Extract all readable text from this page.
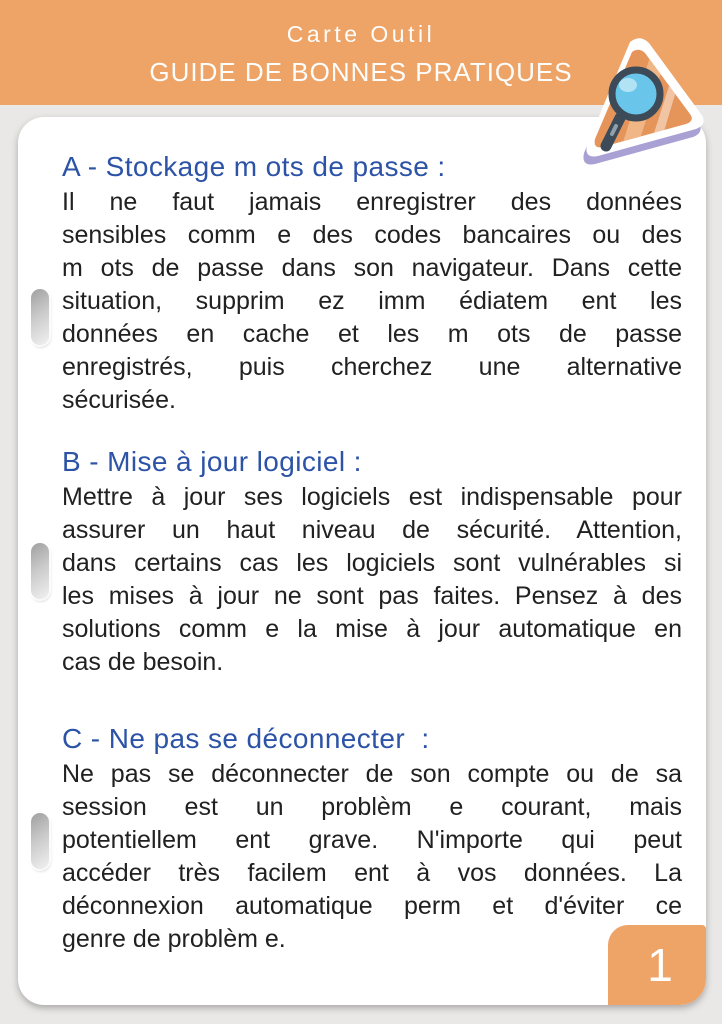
Carte Outil
GUIDE DE BONNES PRATIQUES
A - Stockage m ots de passe :
Il ne faut jamais enregistrer des données
sensibles comm e des codes bancaires ou des
m ots de passe dans son navigateur. Dans cette
situation, supprim ez imm édiatem ent les
données en cache et les m ots de passe
enregistrés, puis cherchez une alternative
sécurisée.
B - Mise à jour logiciel :
Mettre à jour ses logiciels est indispensable pour
assurer un haut niveau de sécurité. Attention,
dans certains cas les logiciels sont vulnérables si
les mises à jour ne sont pas faites. Pensez à des
solutions comm e la mise à jour automatique en
cas de besoin.
C - Ne pas se déconnecter  :
Ne pas se déconnecter de son compte ou de sa
session est un problèm e courant, mais
potentiellem ent grave. N'importe qui peut
accéder très facilem ent à vos données. La
déconnexion automatique perm et d'éviter ce
genre de problèm e.	1
